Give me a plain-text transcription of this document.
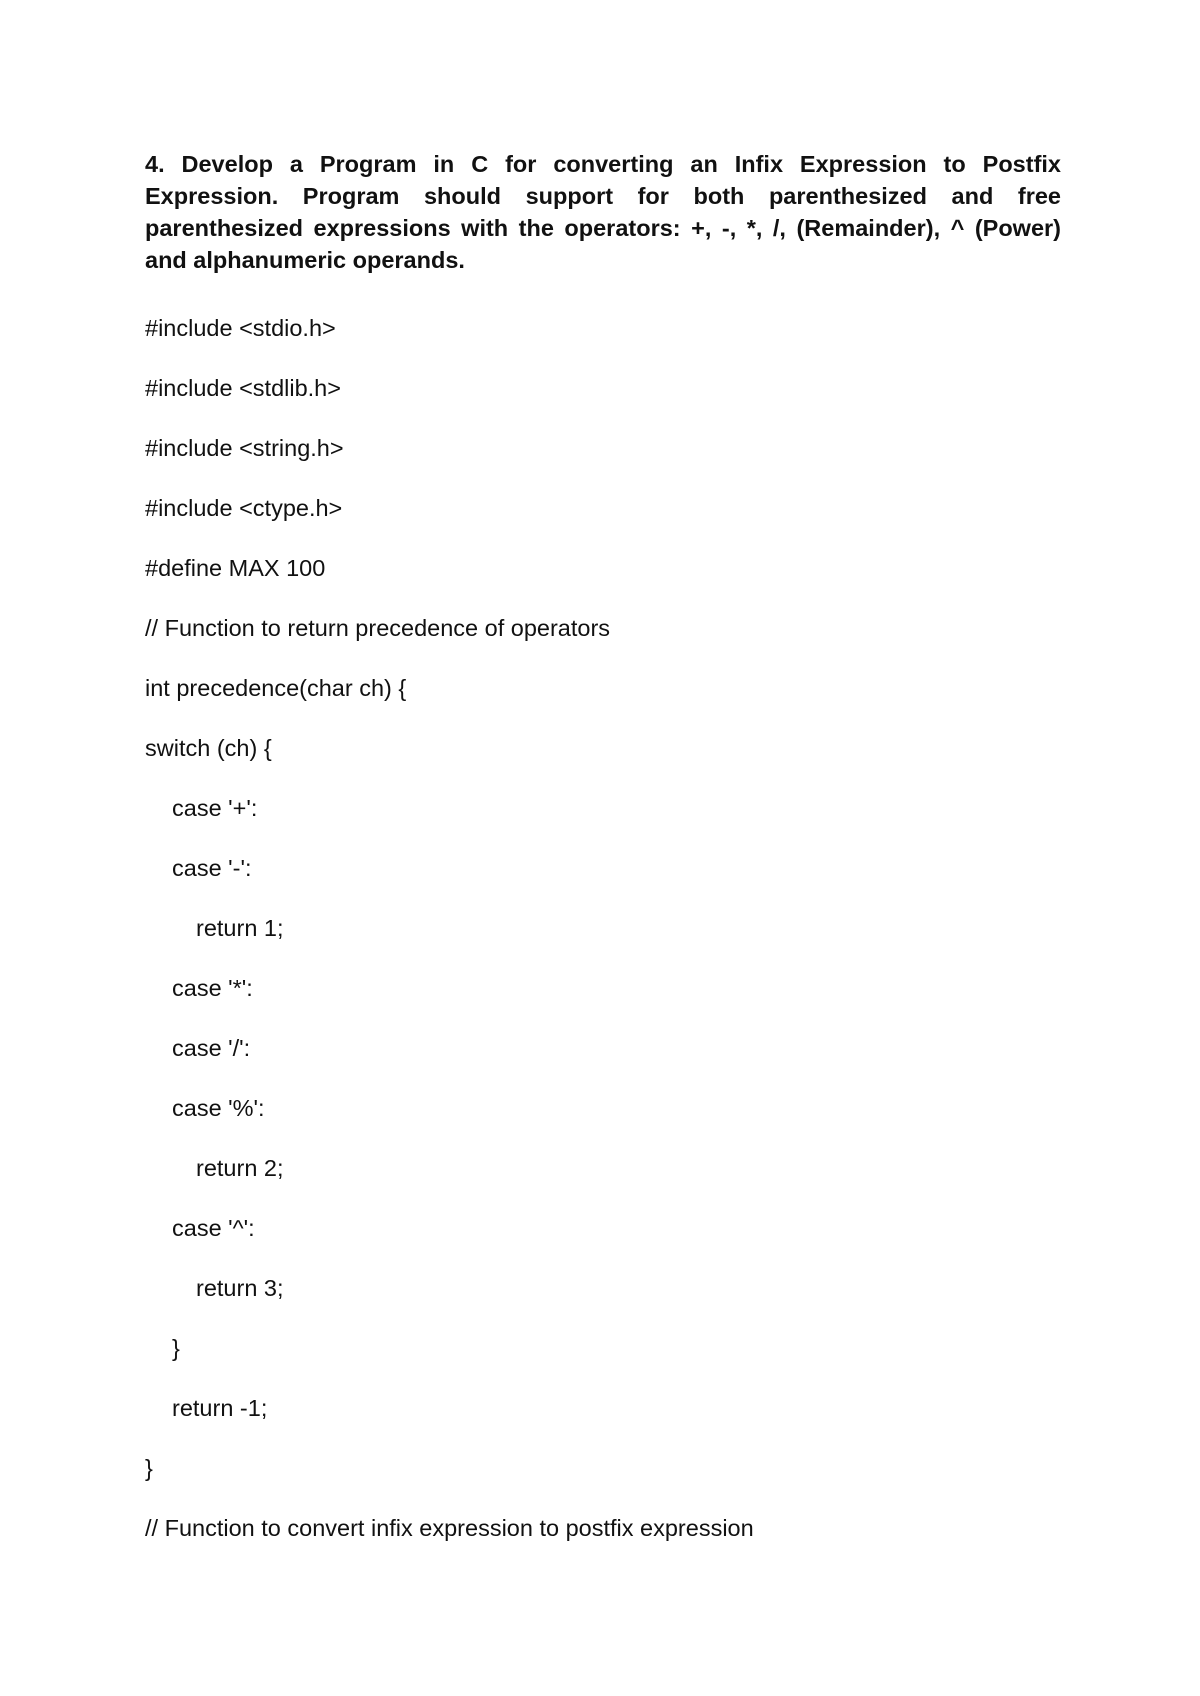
4. Develop a Program in C for converting an Infix Expression to Postfix Expression. Program should support for both parenthesized and free parenthesized expressions with the operators: +, -, *, /, (Remainder), ^ (Power) and alphanumeric operands.

#include <stdio.h>

#include <stdlib.h>

#include <string.h>

#include <ctype.h>

#define MAX 100

// Function to return precedence of operators

int precedence(char ch) {

switch (ch) {

case '+':

case '-':

return 1;

case '*':

case '/':

case '%':

return 2;

case '^':

return 3;

}

return -1;

}

// Function to convert infix expression to postfix expression
